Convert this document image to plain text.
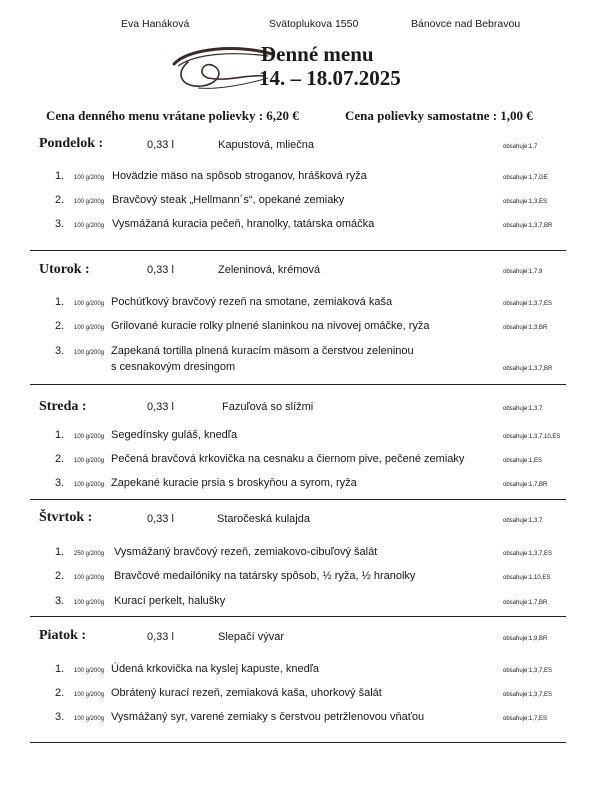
Eva Hanáková	Svätoplukova 1550	Bánovce nad Bebravou
Denné menu
14. – 18.07.2025
Cena denného menu vrátane polievky : 6,20 €	Cena polievky samostatne : 1,00 €
Pondelok :	0,33 l	Kapustová, mliečna	obsahuje:1,7
1. 100 g/200g Hovädzie mäso na spôsob stroganov, hrášková ryža	obsahuje:1,7,GE
2. 100 g/200g Bravčový steak „Hellmann´s“, opekané zemiaky	obsahuje:1,3,ES
3. 100 g/200g Vysmážaná kuracia pečeň, hranolky, tatárska omáčka	obsahuje:1,3,7,BR
Utorok :	0,33 l	Zeleninová, krémová	obsahuje:1,7,9
1. 100 g/200g Pochúťkový bravčový rezeň na smotane, zemiaková kaša	obsahuje:1,3,7,ES
2. 100 g/200g Grilované kuracie rolky plnené slaninkou na nivovej omáčke, ryža	obsahuje:1,3,BR
3. 100 g/200g Zapekaná tortilla plnená kuracím mäsom a čerstvou zeleninou
s cesnakovým dresingom	obsahuje:1,3,7,BR
Streda :	0,33 l	Fazuľová so slížmi	obsahuje:1,3,7
1. 100 g/200g Segedínsky guláš, knedľa	obsahuje:1,3,7,10,ES
2. 100 g/200g Pečená bravčová krkovička na cesnaku a čiernom pive, pečené zemiaky	obsahuje:1,ES
3. 100 g/200g Zapekané kuracie prsia s broskyňou a syrom, ryža	obsahuje:1,7,BR
Štvrtok :	0,33 l	Staročeská kulajda	obsahuje:1,3,7
1. 250 g/200g Vysmážaný bravčový rezeň, zemiakovo-cibuľový šalát	obsahuje:1,3,7,ES
2. 100 g/200g Bravčové medailóniky na tatársky spôsob, ½ ryža, ½ hranolky	obsahuje:1,10,ES
3. 100 g/200g Kurací perkelt, halušky	obsahuje:1,7,BR
Piatok :	0,33 l	Slepačí vývar	obsahuje:1,9,BR
1. 100 g/200g Údená krkovička na kyslej kapuste, knedľa	obsahuje:1,3,7,ES
2. 100 g/200g Obrátený kurací rezeň, zemiaková kaša, uhorkový šalát	obsahuje:1,3,7,ES
3. 100 g/200g Vysmážaný syr, varené zemiaky s čerstvou petržlenovou vňaťou	obsahuje:1,7,ES
